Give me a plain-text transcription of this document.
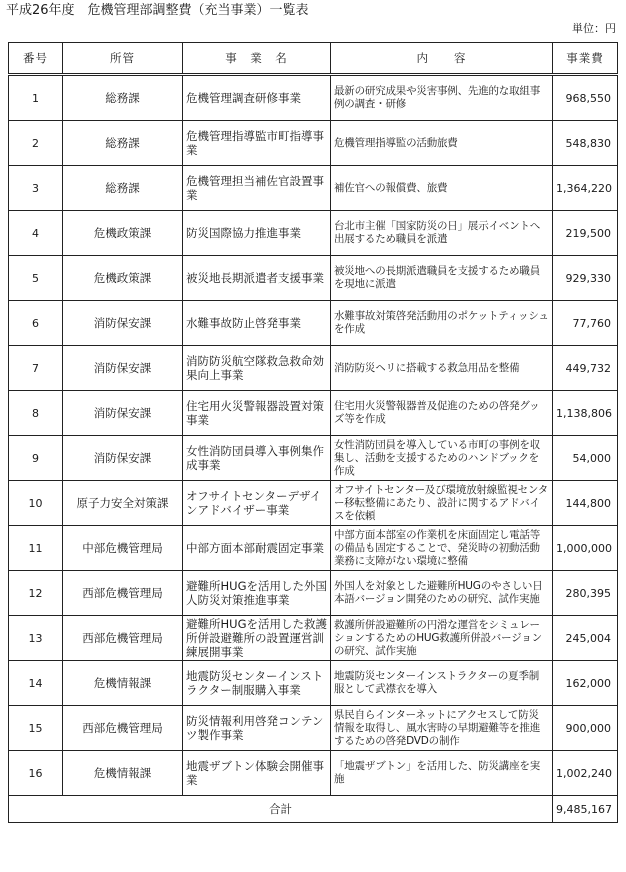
平成26年度　危機管理部調整費（充当事業）一覧表
単位：円
番号	所管	事　業　名	内　　容	事業費
1	総務課	危機管理調査研修事業	最新の研究成果や災害事例、先進的な取組事例の調査・研修	968,550
2	総務課	危機管理指導監市町指導事業	危機管理指導監の活動旅費	548,830
3	総務課	危機管理担当補佐官設置事業	補佐官への報償費、旅費	1,364,220
4	危機政策課	防災国際協力推進事業	台北市主催「国家防災の日」展示イベントへ出展するため職員を派遣	219,500
5	危機政策課	被災地長期派遣者支援事業	被災地への長期派遣職員を支援するため職員を現地に派遣	929,330
6	消防保安課	水難事故防止啓発事業	水難事故対策啓発活動用のポケットティッシュを作成	77,760
7	消防保安課	消防防災航空隊救急救命効果向上事業	消防防災ヘリに搭載する救急用品を整備	449,732
8	消防保安課	住宅用火災警報器設置対策事業	住宅用火災警報器普及促進のための啓発グッズ等を作成	1,138,806
9	消防保安課	女性消防団員導入事例集作成事業	女性消防団員を導入している市町の事例を収集し、活動を支援するためのハンドブックを作成	54,000
10	原子力安全対策課	オフサイトセンターデザインアドバイザー事業	オフサイトセンター及び環境放射線監視センター移転整備にあたり、設計に関するアドバイスを依頼	144,800
11	中部危機管理局	中部方面本部耐震固定事業	中部方面本部室の作業机を床面固定し電話等の備品も固定することで、発災時の初動活動業務に支障がない環境に整備	1,000,000
12	西部危機管理局	避難所HUGを活用した外国人防災対策推進事業	外国人を対象とした避難所HUGのやさしい日本語バージョン開発のための研究、試作実施	280,395
13	西部危機管理局	避難所HUGを活用した救護所併設避難所の設置運営訓練展開事業	救護所併設避難所の円滑な運営をシミュレーションするためのHUG救護所併設バージョンの研究、試作実施	245,004
14	危機情報課	地震防災センターインストラクター制服購入事業	地震防災センターインストラクターの夏季制服として武襟衣を導入	162,000
15	西部危機管理局	防災情報利用啓発コンテンツ製作事業	県民自らインターネットにアクセスして防災情報を取得し、風水害時の早期避難等を推進するための啓発DVDの制作	900,000
16	危機情報課	地震ザブトン体験会開催事業	「地震ザブトン」を活用した、防災講座を実施	1,002,240
合計				9,485,167
